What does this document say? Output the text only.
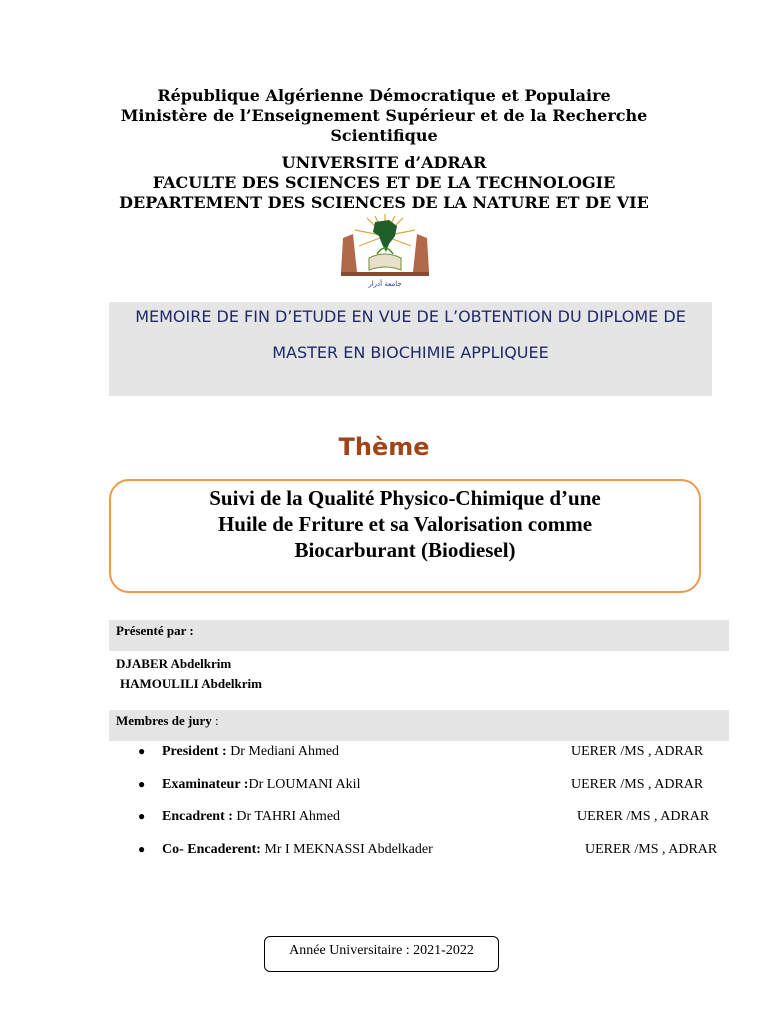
République Algérienne Démocratique et Populaire
Ministère de l’Enseignement Supérieur et de la Recherche
Scientifique
UNIVERSITE d’ADRAR
FACULTE DES SCIENCES ET DE LA TECHNOLOGIE
DEPARTEMENT DES SCIENCES DE LA NATURE ET DE VIE
جامعة أدرار
MEMOIRE DE FIN D’ETUDE EN VUE DE L’OBTENTION DU DIPLOME DE
MASTER EN BIOCHIMIE APPLIQUEE
Thème
Suivi de la Qualité Physico-Chimique d’une
Huile de Friture et sa Valorisation comme
Biocarburant (Biodiesel)
Présenté par :
DJABER Abdelkrim
HAMOULILI Abdelkrim
Membres de jury :
● President : Dr Mediani Ahmed	UERER /MS , ADRAR
● Examinateur :Dr LOUMANI Akil	UERER /MS , ADRAR
● Encadrent : Dr TAHRI Ahmed	UERER /MS , ADRAR
● Co- Encaderent: Mr I MEKNASSI Abdelkader	UERER /MS , ADRAR
Année Universitaire : 2021-2022
